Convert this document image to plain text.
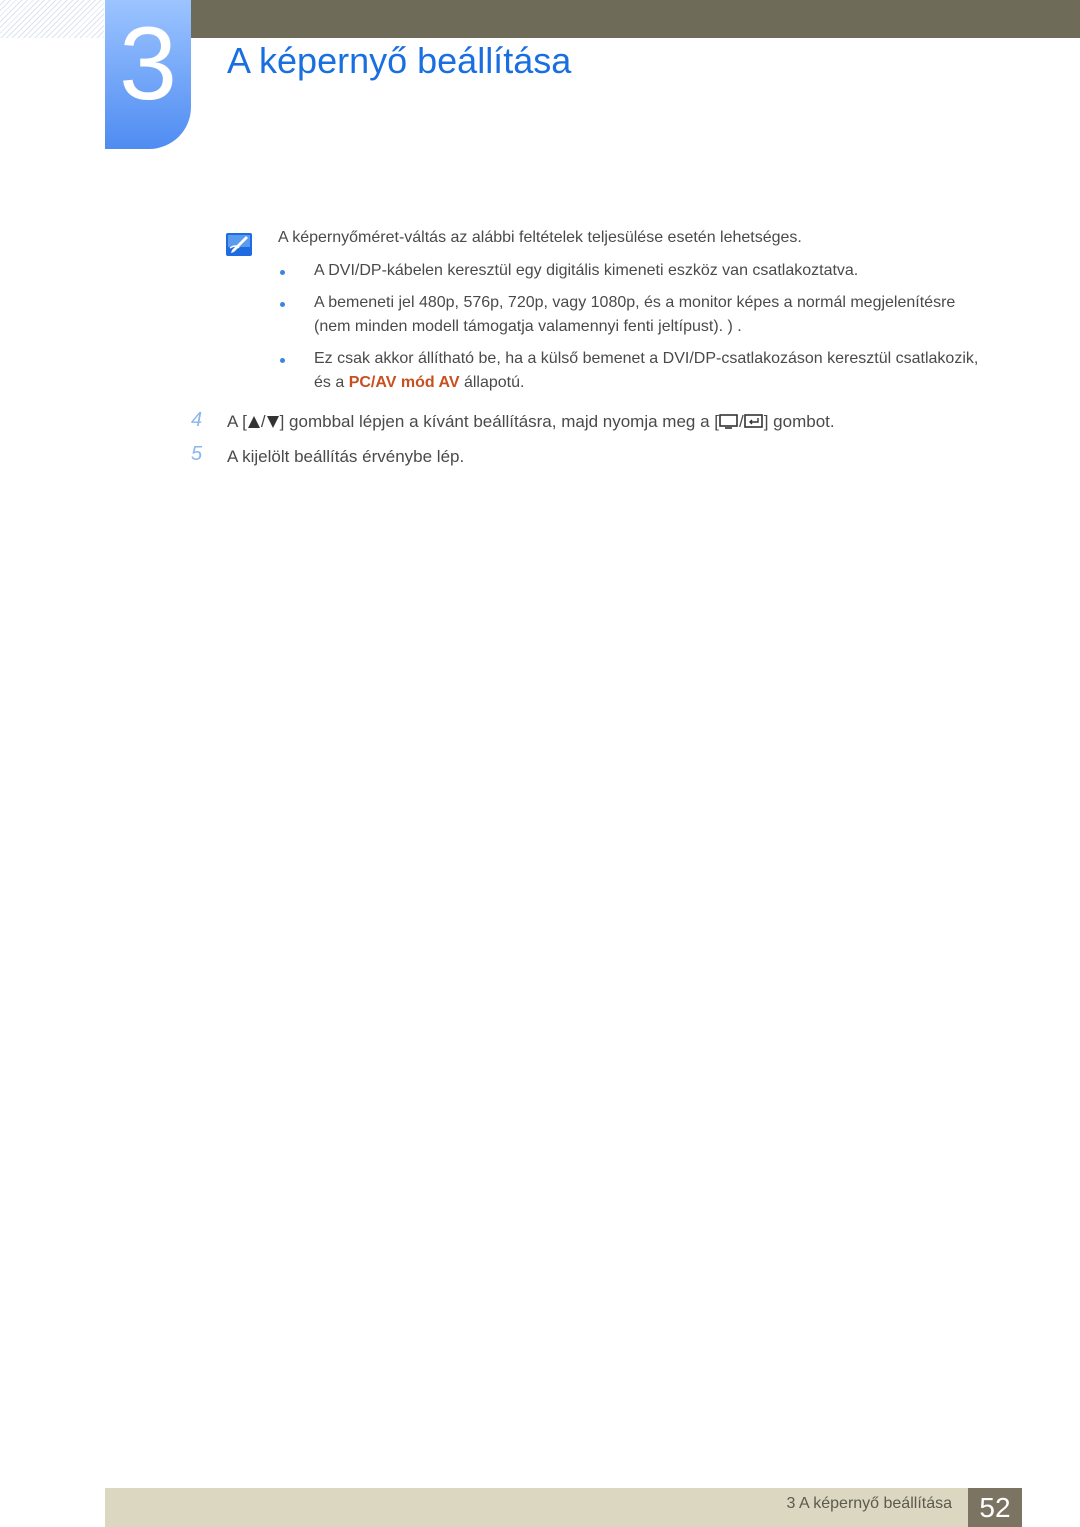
3 A képernyő beállítása
A képernyőméret-váltás az alábbi feltételek teljesülése esetén lehetséges.
A DVI/DP-kábelen keresztül egy digitális kimeneti eszköz van csatlakoztatva.
A bemeneti jel 480p, 576p, 720p, vagy 1080p, és a monitor képes a normál megjelenítésre
(nem minden modell támogatja valamennyi fenti jeltípust). ) .
Ez csak akkor állítható be, ha a külső bemenet a DVI/DP-csatlakozáson keresztül csatlakozik,
és a PC/AV mód AV állapotú.
4 A [ / ] gombbal lépjen a kívánt beállításra, majd nyomja meg a [ / ] gombot.
5 A kijelölt beállítás érvénybe lép.
3 A képernyő beállítása 52
